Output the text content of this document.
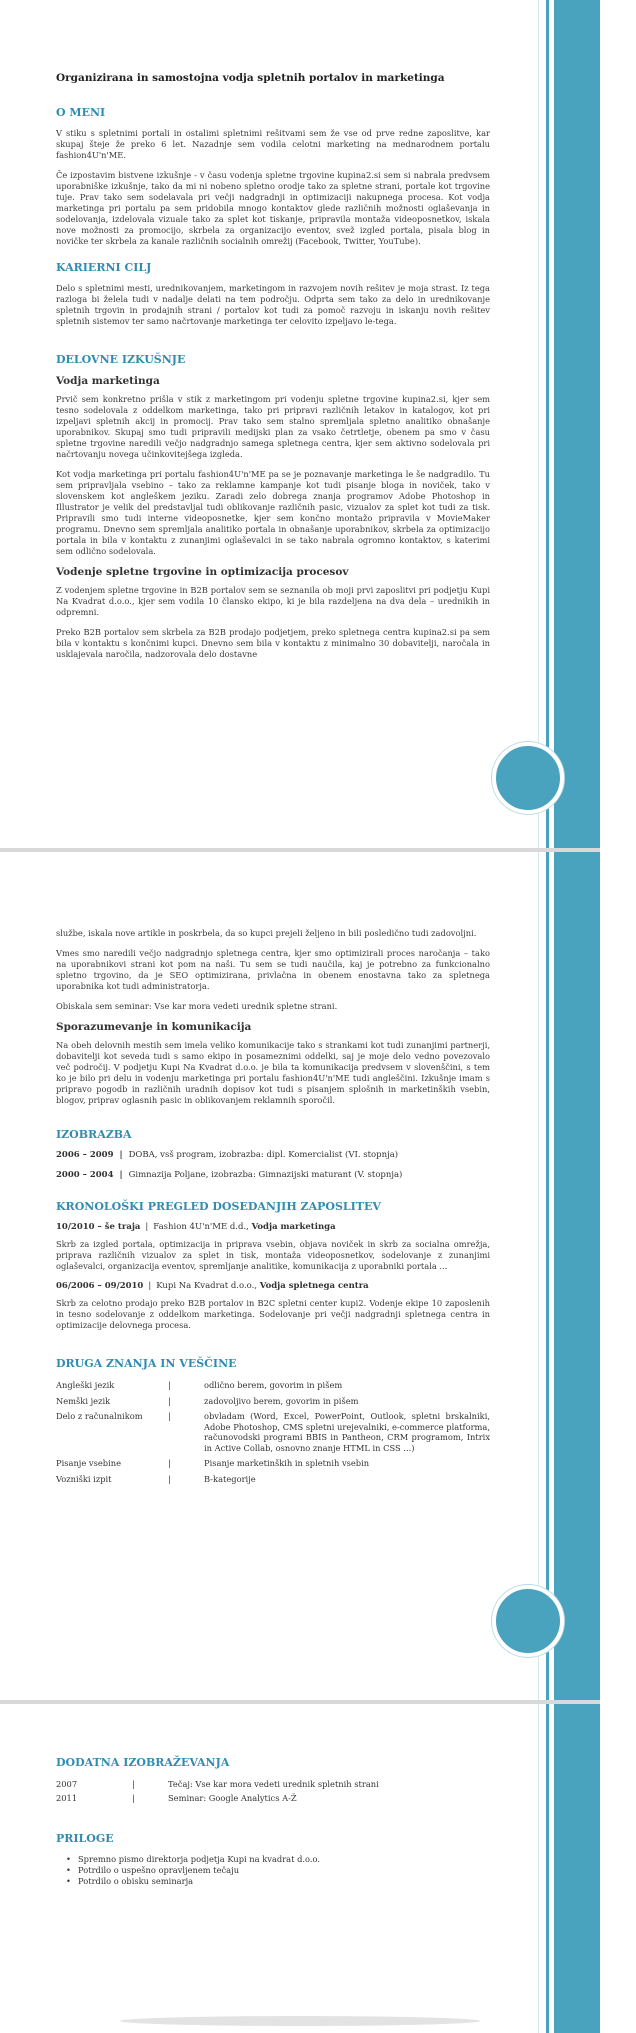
Zoja KOCJAN $^{Dolenčeva pot 37, 1000 Ljubljana | E-MAIL: zoja.kocjan@mojmail.si | GSM: 031 041 051}$
Organizirana in samostojna vodja spletnih portalov in marketinga
O MENI

V stiku s spletnimi portali in ostalimi spletnimi rešitvami sem že vse od prve redne zaposlitve, kar skupaj šteje že preko 6 let. Nazadnje sem vodila celotni marketing na mednarodnem portalu fashion4U'n'ME.

Če izpostavim bistvene izkušnje - v času vodenja spletne trgovine kupina2.si sem si nabrala predvsem uporabniške izkušnje, tako da mi ni nobeno spletno orodje tako za spletne strani, portale kot trgovine tuje. Prav tako sem sodelavala pri večji nadgradnji in optimizaciji nakupnega procesa. Kot vodja marketinga pri portalu pa sem pridobila mnogo kontaktov glede različnih možnosti oglaševanja in sodelovanja, izdelovala vizuale tako za splet kot tiskanje, pripravila montaža videoposnetkov, iskala nove možnosti za promocijo, skrbela za organizacijo eventov, svež izgled portala, pisala blog in novičke ter skrbela za kanale različnih socialnih omrežij (Facebook, Twitter, YouTube).

KARIERNI CILJ

Delo s spletnimi mesti, urednikovanjem, marketingom in razvojem novih rešitev je moja strast. Iz tega razloga bi želela tudi v nadalje delati na tem področju. Odprta sem tako za delo in urednikovanje spletnih trgovin in prodajnih strani / portalov kot tudi za pomoč razvoju in iskanju novih rešitev spletnih sistemov ter samo načrtovanje marketinga ter celovito izpeljavo le-tega.

DELOVNE IZKUŠNJE
Vodja marketinga

Prvič sem konkretno prišla v stik z marketingom pri vodenju spletne trgovine kupina2.si, kjer sem tesno sodelovala z oddelkom marketinga, tako pri pripravi različnih letakov in katalogov, kot pri izpeljavi spletnih akcij in promocij. Prav tako sem stalno spremljala spletno analitiko obnašanje uporabnikov. Skupaj smo tudi pripravili medijski plan za vsako četrtletje, obenem pa smo v času spletne trgovine naredili večjo nadgradnjo samega spletnega centra, kjer sem aktivno sodelovala pri načrtovanju novega učinkovitejšega izgleda.

Kot vodja marketinga pri portalu fashion4U'n'ME pa se je poznavanje marketinga le še nadgradilo. Tu sem pripravljala vsebino – tako za reklamne kampanje kot tudi pisanje bloga in noviček, tako v slovenskem kot angleškem jeziku. Zaradi zelo dobrega znanja programov Adobe Photoshop in Illustrator je velik del predstavljal tudi oblikovanje različnih pasic, vizualov za splet kot tudi za tisk. Pripravili smo tudi interne videoposnetke, kjer sem končno montažo pripravila v MovieMaker programu. Dnevno sem spremljala analitiko portala in obnašanje uporabnikov, skrbela za optimizacijo portala in bila v kontaktu z zunanjimi oglaševalci in se tako nabrala ogromno kontaktov, s katerimi sem odlično sodelovala.

Vodenje spletne trgovine in optimizacija procesov

Z vodenjem spletne trgovine in B2B portalov sem se seznanila ob moji prvi zaposlitvi pri podjetju Kupi Na Kvadrat d.o.o., kjer sem vodila 10 člansko ekipo, ki je bila razdeljena na dva dela – urednikih in odpremni.

Preko B2B portalov sem skrbela za B2B prodajo podjetjem, preko spletnega centra kupina2.si pa sem bila v kontaktu s končnimi kupci. Dnevno sem bila v kontaktu z minimalno 30 dobavitelji, naročala in usklajevala naročila, nadzorovala delo dostavne

službe, iskala nove artikle in poskrbela, da so kupci prejeli željeno in bili posledično tudi zadovoljni.

Vmes smo naredili večjo nadgradnjo spletnega centra, kjer smo optimizirali proces naročanja – tako na uporabnikovi strani kot pom na naši. Tu sem se tudi naučila, kaj je potrebno za funkcionalno spletno trgovino, da je SEO optimizirana, privlačna in obenem enostavna tako za spletnega uporabnika kot tudi administratorja.

Obiskala sem seminar: Vse kar mora vedeti urednik spletne strani.

Sporazumevanje in komunikacija

Na obeh delovnih mestih sem imela veliko komunikacije tako s strankami kot tudi zunanjimi partnerji, dobavitelji kot seveda tudi s samo ekipo in posameznimi oddelki, saj je moje delo vedno povezovalo več področij. V podjetju Kupi Na Kvadrat d.o.o. je bila ta komunikacija predvsem v slovenščini, s tem ko je bilo pri delu in vodenju marketinga pri portalu fashion4U'n'ME tudi angleščini. Izkušnje imam s pripravo pogodb in različnih uradnih dopisov kot tudi s pisanjem splošnih in marketinških vsebin, blogov, priprav oglasnih pasic in oblikovanjem reklamnih sporočil.

IZOBRAZBA
2006 – 2009 | DOBA, vsš program, izobrazba: dipl. Komercialist (VI. stopnja)
2000 – 2004 | Gimnazija Poljane, izobrazba: Gimnazijski maturant (V. stopnja)
KRONOLOŠKI PREGLED DOSEDANJIH ZAPOSLITEV
10/2010 – še traja | Fashion 4U'n'ME d.d., Vodja marketinga

Skrb za izgled portala, optimizacija in priprava vsebin, objava noviček in skrb za socialna omrežja, priprava različnih vizualov za splet in tisk, montaža videoposnetkov, sodelovanje z zunanjimi oglaševalci, organizacija eventov, spremljanje analitike, komunikacija z uporabniki portala ...

06/2006 – 09/2010 | Kupi Na Kvadrat d.o.o., Vodja spletnega centra

Skrb za celotno prodajo preko B2B portalov in B2C spletni center kupi2. Vodenje ekipe 10 zaposlenih in tesno sodelovanje z oddelkom marketinga. Sodelovanje pri večji nadgradnji spletnega centra in optimizacije delovnega procesa.

DRUGA ZNANJA IN VEŠČINE
Angleški jezik	|	odlično berem, govorim in pišem
Nemški jezik	|	zadovoljivo berem, govorim in pišem
Delo z računalnikom	|	obvladam (Word, Excel, PowerPoint, Outlook, spletni brskalniki, Adobe Photoshop, CMS spletni urejevalniki, e-commerce platforma, računovodski programi BBIS in Pantheon, CRM programom, Intrix in Active Collab, osnovno znanje HTML in CSS ...)
Pisanje vsebine	|	Pisanje marketinških in spletnih vsebin
Vozniški izpit	|	B-kategorije
DODATNA IZOBRAŽEVANJA
2007	|	Tečaj: Vse kar mora vedeti urednik spletnih strani
2011	|	Seminar: Google Analytics A-Ž
PRILOGE
• Spremno pismo direktorja podjetja Kupi na kvadrat d.o.o.
• Potrdilo o uspešno opravljenem tečaju
• Potrdilo o obisku seminarja
